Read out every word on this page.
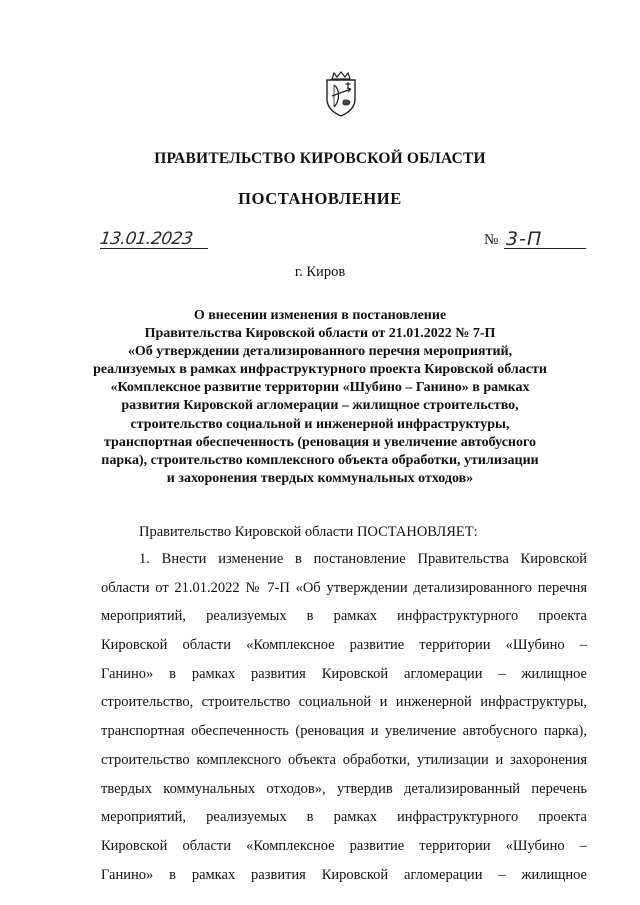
ПРАВИТЕЛЬСТВО КИРОВСКОЙ ОБЛАСТИ
ПОСТАНОВЛЕНИЕ
13.01.2023	№ 3-П
г. Киров
О внесении изменения в постановление
Правительства Кировской области от 21.01.2022 № 7-П
«Об утверждении детализированного перечня мероприятий,
реализуемых в рамках инфраструктурного проекта Кировской области
«Комплексное развитие территории «Шубино – Ганино» в рамках
развития Кировской агломерации – жилищное строительство,
строительство социальной и инженерной инфраструктуры,
транспортная обеспеченность (реновация и увеличение автобусного
парка), строительство комплексного объекта обработки, утилизации
и захоронения твердых коммунальных отходов»
Правительство Кировской области ПОСТАНОВЛЯЕТ:
1. Внести изменение в постановление Правительства Кировской
области от 21.01.2022 № 7-П «Об утверждении детализированного перечня
мероприятий, реализуемых в рамках инфраструктурного проекта
Кировской области «Комплексное развитие территории «Шубино –
Ганино» в рамках развития Кировской агломерации – жилищное
строительство, строительство социальной и инженерной инфраструктуры,
транспортная обеспеченность (реновация и увеличение автобусного парка),
строительство комплексного объекта обработки, утилизации и захоронения
твердых коммунальных отходов», утвердив детализированный перечень
мероприятий, реализуемых в рамках инфраструктурного проекта
Кировской области «Комплексное развитие территории «Шубино –
Ганино» в рамках развития Кировской агломерации – жилищное
